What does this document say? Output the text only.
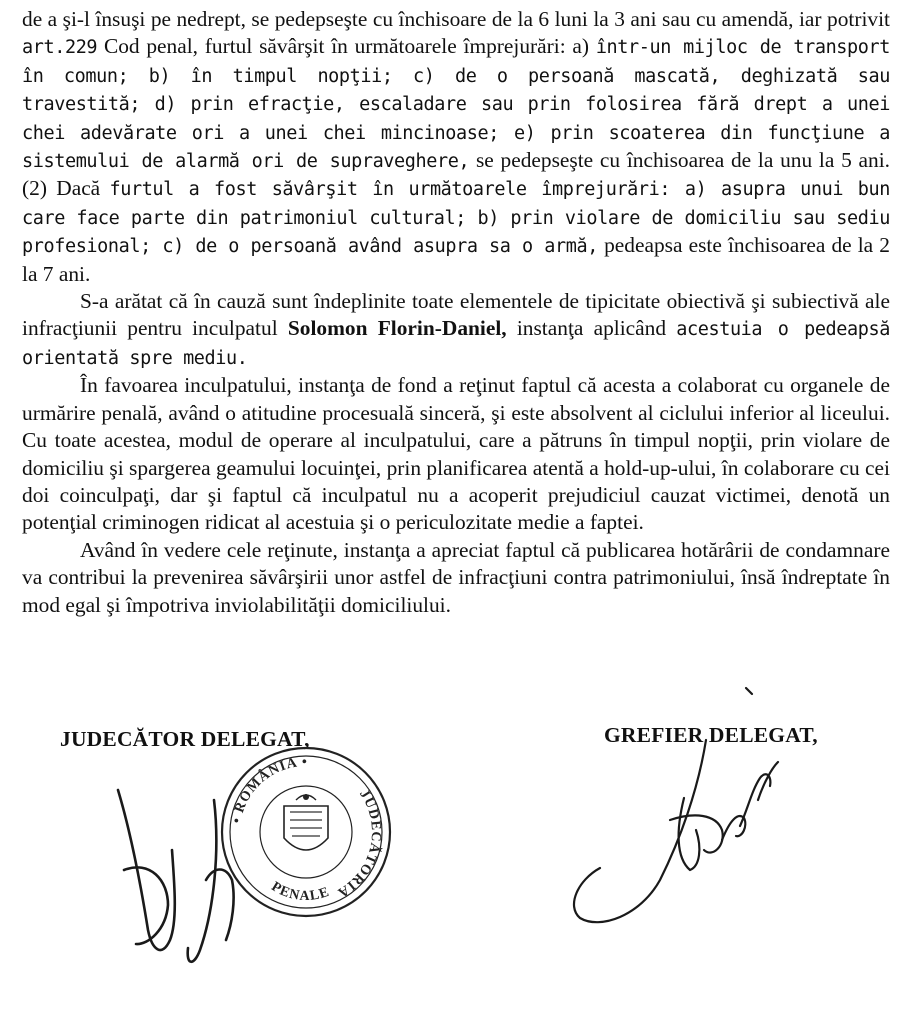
de a şi-l însuşi pe nedrept, se pedepseşte cu închisoare de la 6 luni la 3 ani sau cu amendă, iar potrivit art.229 Cod penal, furtul săvârşit în următoarele împrejurări: a) într-un mijloc de transport în comun; b) în timpul nopţii; c) de o persoană mascată, deghizată sau travestită; d) prin efracţie, escaladare sau prin folosirea fără drept a unei chei adevărate ori a unei chei mincinoase; e) prin scoaterea din funcţiune a sistemului de alarmă ori de supraveghere, se pedepseşte cu închisoarea de la unu la 5 ani.(2) Dacă furtul a fost săvârşit în următoarele împrejurări: a) asupra unui bun care face parte din patrimoniul cultural; b) prin violare de domiciliu sau sediu profesional; c) de o persoană având asupra sa o armă, pedeapsa este închisoarea de la 2 la 7 ani.

S-a arătat că în cauză sunt îndeplinite toate elementele de tipicitate obiectivă şi subiectivă ale infracţiunii pentru inculpatul Solomon Florin-Daniel, instanţa aplicând acestuia o pedeapsă orientată spre mediu.

În favoarea inculpatului, instanţa de fond a reţinut faptul că acesta a colaborat cu organele de urmărire penală, având o atitudine procesuală sinceră, şi este absolvent al ciclului inferior al liceului. Cu toate acestea, modul de operare al inculpatului, care a pătruns în timpul nopţii, prin violare de domiciliu şi spargerea geamului locuinţei, prin planificarea atentă a hold-up-ului, în colaborare cu cei doi coinculpaţi, dar şi faptul că inculpatul nu a acoperit prejudiciul cauzat victimei, denotă un potenţial criminogen ridicat al acestuia şi o periculozitate medie a faptei.

Având în vedere cele reţinute, instanţa a apreciat faptul că publicarea hotărârii de condamnare va contribui la prevenirea săvârşirii unor astfel de infracţiuni contra patrimoniului, însă îndreptate în mod egal şi împotriva inviolabilităţii domiciliului.

JUDECĂTOR DELEGAT,	GREFIER DELEGAT,
• ROMÂNIA •
JUDECĂTORIA
PENALE
